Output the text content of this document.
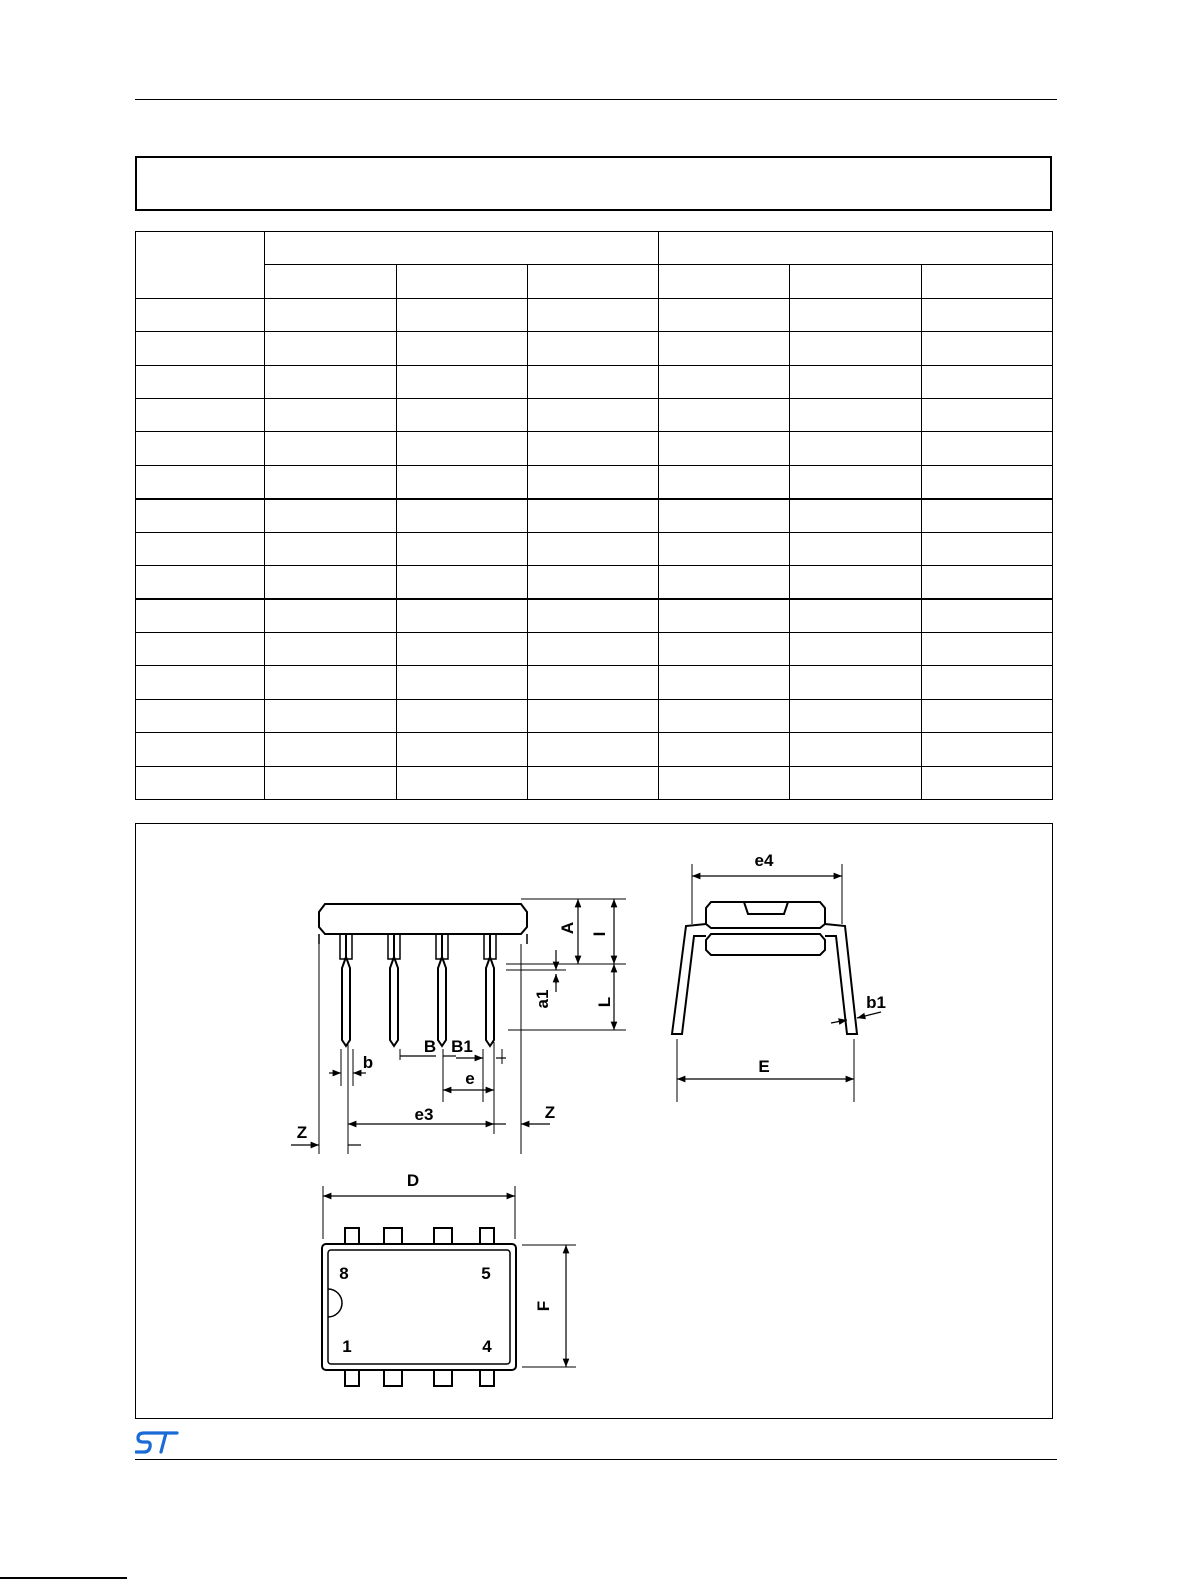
A I
a1	L
b
B B1
e
e3
Z
Z
e4
b1
E
D
F
8	5
1	4
